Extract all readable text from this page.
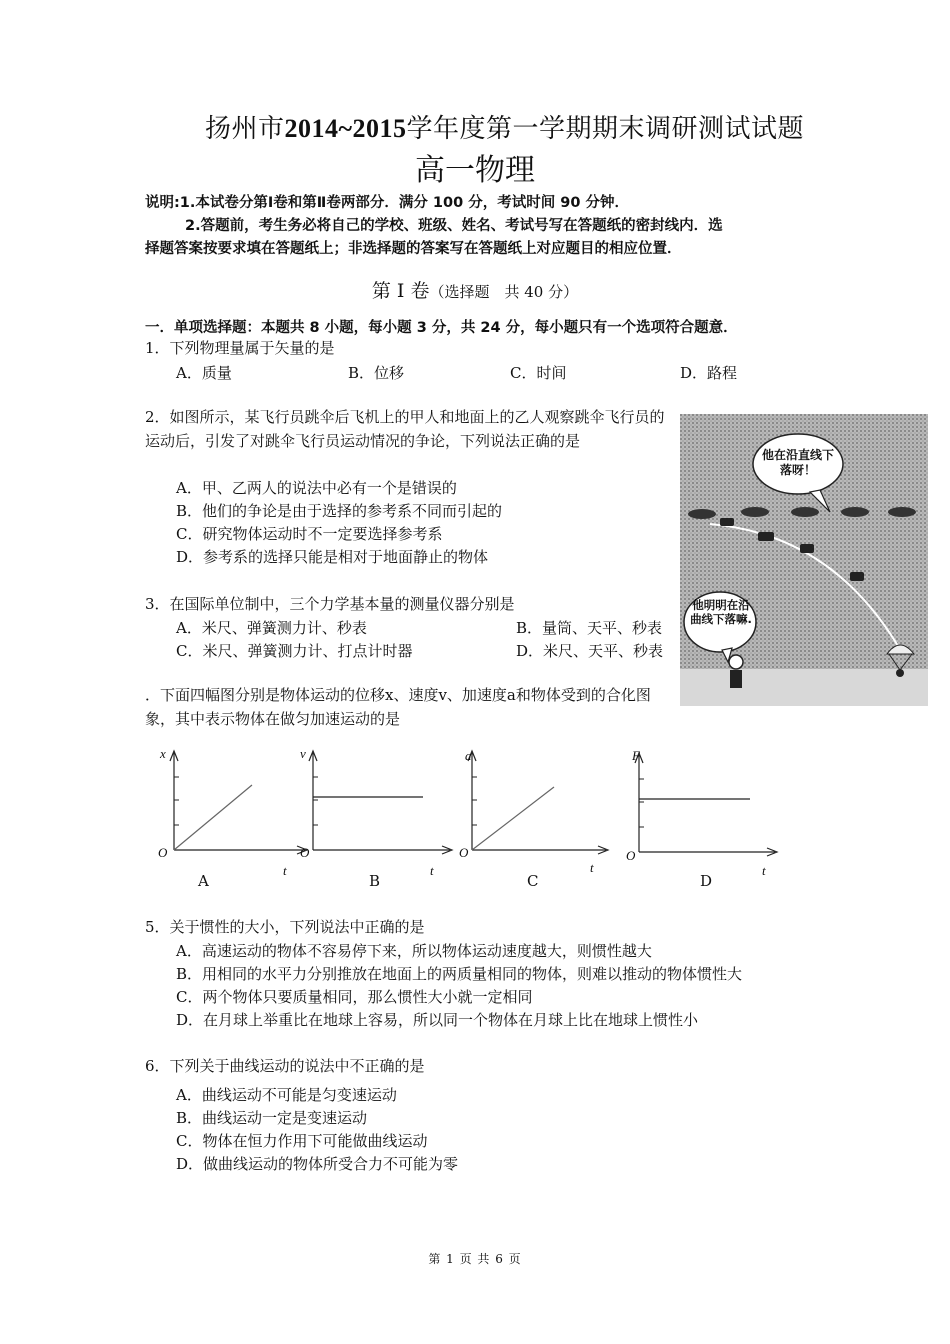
扬州市2014~2015学年度第一学期期末调研测试试题
高一物理
说明:1.本试卷分第Ⅰ卷和第Ⅱ卷两部分．满分 100 分，考试时间 90 分钟．
2.答题前，考生务必将自己的学校、班级、姓名、考试号写在答题纸的密封线内．选
择题答案按要求填在答题纸上；非选择题的答案写在答题纸上对应题目的相应位置．
第 Ⅰ 卷（选择题　共 40 分）
一．单项选择题：本题共 8 小题，每小题 3 分，共 24 分，每小题只有一个选项符合题意．
1．下列物理量属于矢量的是
A．质量	B．位移	C．时间	D．路程
2．如图所示，某飞行员跳伞后飞机上的甲人和地面上的乙人观察跳伞飞行员的运动后，引发了对跳伞飞行员运动情况的争论，下列说法正确的是
A．甲、乙两人的说法中必有一个是错误的
B．他们的争论是由于选择的参考系不同而引起的
C．研究物体运动时不一定要选择参考系
D．参考系的选择只能是相对于地面静止的物体
3．在国际单位制中，三个力学基本量的测量仪器分别是
A．米尺、弹簧测力计、秒表	B．量筒、天平、秒表
C．米尺、弹簧测力计、打点计时器	D．米尺、天平、秒表
他在沿直线下落呀！
他明明在沿曲线下落嘛.
．下面四幅图分别是物体运动的位移x、速度v、加速度a和物体受到的合化图象，其中表示物体在做匀加速运动的是
x
O
t
v
O
t
a
O
t
F
O
t
A	B	C	D
5．关于惯性的大小，下列说法中正确的是
A．高速运动的物体不容易停下来，所以物体运动速度越大，则惯性越大
B．用相同的水平力分别推放在地面上的两质量相同的物体，则难以推动的物体惯性大
C．两个物体只要质量相同，那么惯性大小就一定相同
D．在月球上举重比在地球上容易，所以同一个物体在月球上比在地球上惯性小
6．下列关于曲线运动的说法中不正确的是
A．曲线运动不可能是匀变速运动
B．曲线运动一定是变速运动
C．物体在恒力作用下可能做曲线运动
D．做曲线运动的物体所受合力不可能为零
第 1 页 共 6 页
